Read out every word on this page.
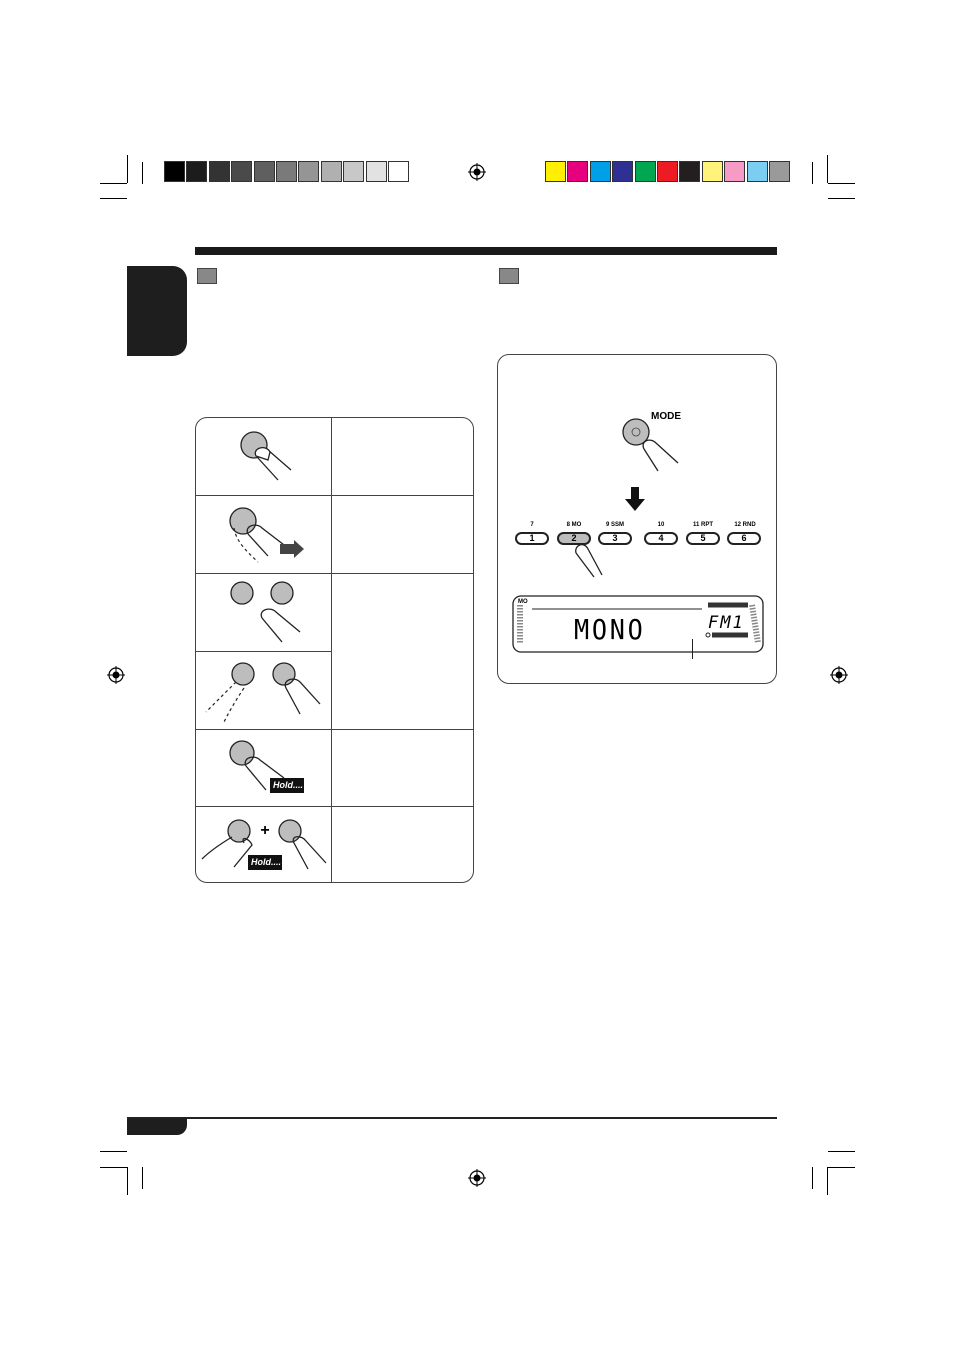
Hold....
+
Hold....
MODE
7	8 MO	9 SSM	10	11 RPT	12 RND
1	2	3	4	5	6
MO
MONO	FM1
